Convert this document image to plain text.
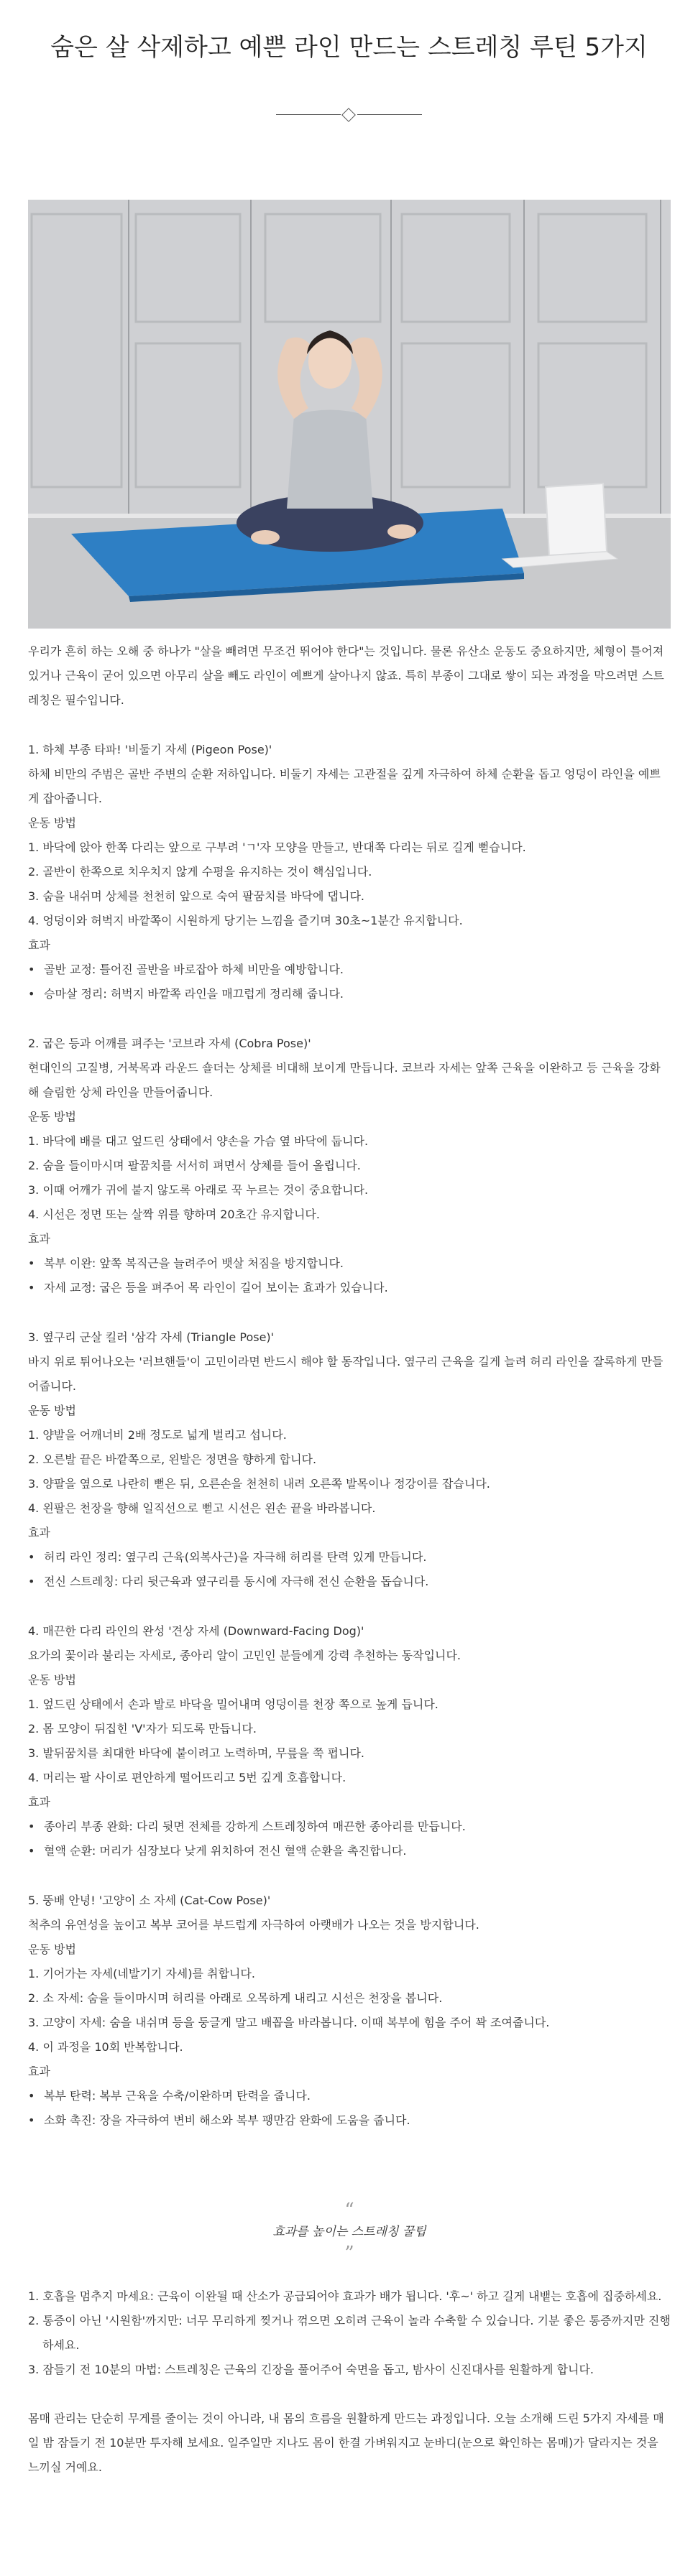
숨은 살 삭제하고 예쁜 라인 만드는 스트레칭 루틴 5가지

우리가 흔히 하는 오해 중 하나가 "살을 빼려면 무조건 뛰어야 한다"는 것입니다. 물론 유산소 운동도 중요하지만, 체형이 틀어져 있거나 근육이 굳어 있으면 아무리 살을 빼도 라인이 예쁘게 살아나지 않죠. 특히 부종이 그대로 쌓이 되는 과정을 막으려면 스트레칭은 필수입니다.

1. 하체 부종 타파! '비둘기 자세 (Pigeon Pose)'

하체 비만의 주범은 골반 주변의 순환 저하입니다. 비둘기 자세는 고관절을 깊게 자극하여 하체 순환을 돕고 엉덩이 라인을 예쁘게 잡아줍니다.

운동 방법

1. 바닥에 앉아 한쪽 다리는 앞으로 구부려 'ㄱ'자 모양을 만들고, 반대쪽 다리는 뒤로 길게 뻗습니다.

2. 골반이 한쪽으로 치우치지 않게 수평을 유지하는 것이 핵심입니다.

3. 숨을 내쉬며 상체를 천천히 앞으로 숙여 팔꿈치를 바닥에 댑니다.

4. 엉덩이와 허벅지 바깥쪽이 시원하게 당기는 느낌을 즐기며 30초~1분간 유지합니다.

효과

• 골반 교정: 틀어진 골반을 바로잡아 하체 비만을 예방합니다.

• 승마살 정리: 허벅지 바깥쪽 라인을 매끄럽게 정리해 줍니다.

2. 굽은 등과 어깨를 펴주는 '코브라 자세 (Cobra Pose)'

현대인의 고질병, 거북목과 라운드 숄더는 상체를 비대해 보이게 만듭니다. 코브라 자세는 앞쪽 근육을 이완하고 등 근육을 강화해 슬림한 상체 라인을 만들어줍니다.

운동 방법

1. 바닥에 배를 대고 엎드린 상태에서 양손을 가슴 옆 바닥에 둡니다.

2. 숨을 들이마시며 팔꿈치를 서서히 펴면서 상체를 들어 올립니다.

3. 이때 어깨가 귀에 붙지 않도록 아래로 꾹 누르는 것이 중요합니다.

4. 시선은 정면 또는 살짝 위를 향하며 20초간 유지합니다.

효과

• 복부 이완: 앞쪽 복직근을 늘려주어 뱃살 처짐을 방지합니다.

• 자세 교정: 굽은 등을 펴주어 목 라인이 길어 보이는 효과가 있습니다.

3. 옆구리 군살 킬러 '삼각 자세 (Triangle Pose)'

바지 위로 튀어나오는 '러브핸들'이 고민이라면 반드시 해야 할 동작입니다. 옆구리 근육을 길게 늘려 허리 라인을 잘록하게 만들어줍니다.

운동 방법

1. 양발을 어깨너비 2배 정도로 넓게 벌리고 섭니다.

2. 오른발 끝은 바깥쪽으로, 왼발은 정면을 향하게 합니다.

3. 양팔을 옆으로 나란히 뻗은 뒤, 오른손을 천천히 내려 오른쪽 발목이나 정강이를 잡습니다.

4. 왼팔은 천장을 향해 일직선으로 뻗고 시선은 왼손 끝을 바라봅니다.

효과

• 허리 라인 정리: 옆구리 근육(외복사근)을 자극해 허리를 탄력 있게 만듭니다.

• 전신 스트레칭: 다리 뒷근육과 옆구리를 동시에 자극해 전신 순환을 돕습니다.

4. 매끈한 다리 라인의 완성 '견상 자세 (Downward-Facing Dog)'

요가의 꽃이라 불리는 자세로, 종아리 알이 고민인 분들에게 강력 추천하는 동작입니다.

운동 방법

1. 엎드린 상태에서 손과 발로 바닥을 밀어내며 엉덩이를 천장 쪽으로 높게 듭니다.

2. 몸 모양이 뒤집힌 'V'자가 되도록 만듭니다.

3. 발뒤꿈치를 최대한 바닥에 붙이려고 노력하며, 무릎을 쭉 폅니다.

4. 머리는 팔 사이로 편안하게 떨어뜨리고 5번 깊게 호흡합니다.

효과

• 종아리 부종 완화: 다리 뒷면 전체를 강하게 스트레칭하여 매끈한 종아리를 만듭니다.

• 혈액 순환: 머리가 심장보다 낮게 위치하여 전신 혈액 순환을 촉진합니다.

5. 뚱배 안녕! '고양이 소 자세 (Cat-Cow Pose)'

척추의 유연성을 높이고 복부 코어를 부드럽게 자극하여 아랫배가 나오는 것을 방지합니다.

운동 방법

1. 기어가는 자세(네발기기 자세)를 취합니다.

2. 소 자세: 숨을 들이마시며 허리를 아래로 오목하게 내리고 시선은 천장을 봅니다.

3. 고양이 자세: 숨을 내쉬며 등을 둥글게 말고 배꼽을 바라봅니다. 이때 복부에 힘을 주어 꽉 조여줍니다.

4. 이 과정을 10회 반복합니다.

효과

• 복부 탄력: 복부 근육을 수축/이완하며 탄력을 줍니다.

• 소화 촉진: 장을 자극하여 변비 해소와 복부 팽만감 완화에 도움을 줍니다.

“
효과를 높이는 스트레칭 꿀팁
”

1. 호흡을 멈추지 마세요: 근육이 이완될 때 산소가 공급되어야 효과가 배가 됩니다. '후~' 하고 길게 내뱉는 호흡에 집중하세요.

2. 통증이 아닌 '시원함'까지만: 너무 무리하게 찢거나 꺾으면 오히려 근육이 놀라 수축할 수 있습니다. 기분 좋은 통증까지만 진행하세요.

3. 잠들기 전 10분의 마법: 스트레칭은 근육의 긴장을 풀어주어 숙면을 돕고, 밤사이 신진대사를 원활하게 합니다.

몸매 관리는 단순히 무게를 줄이는 것이 아니라, 내 몸의 흐름을 원활하게 만드는 과정입니다. 오늘 소개해 드린 5가지 자세를 매일 밤 잠들기 전 10분만 투자해 보세요. 일주일만 지나도 몸이 한결 가벼워지고 눈바디(눈으로 확인하는 몸매)가 달라지는 것을 느끼실 거예요.
